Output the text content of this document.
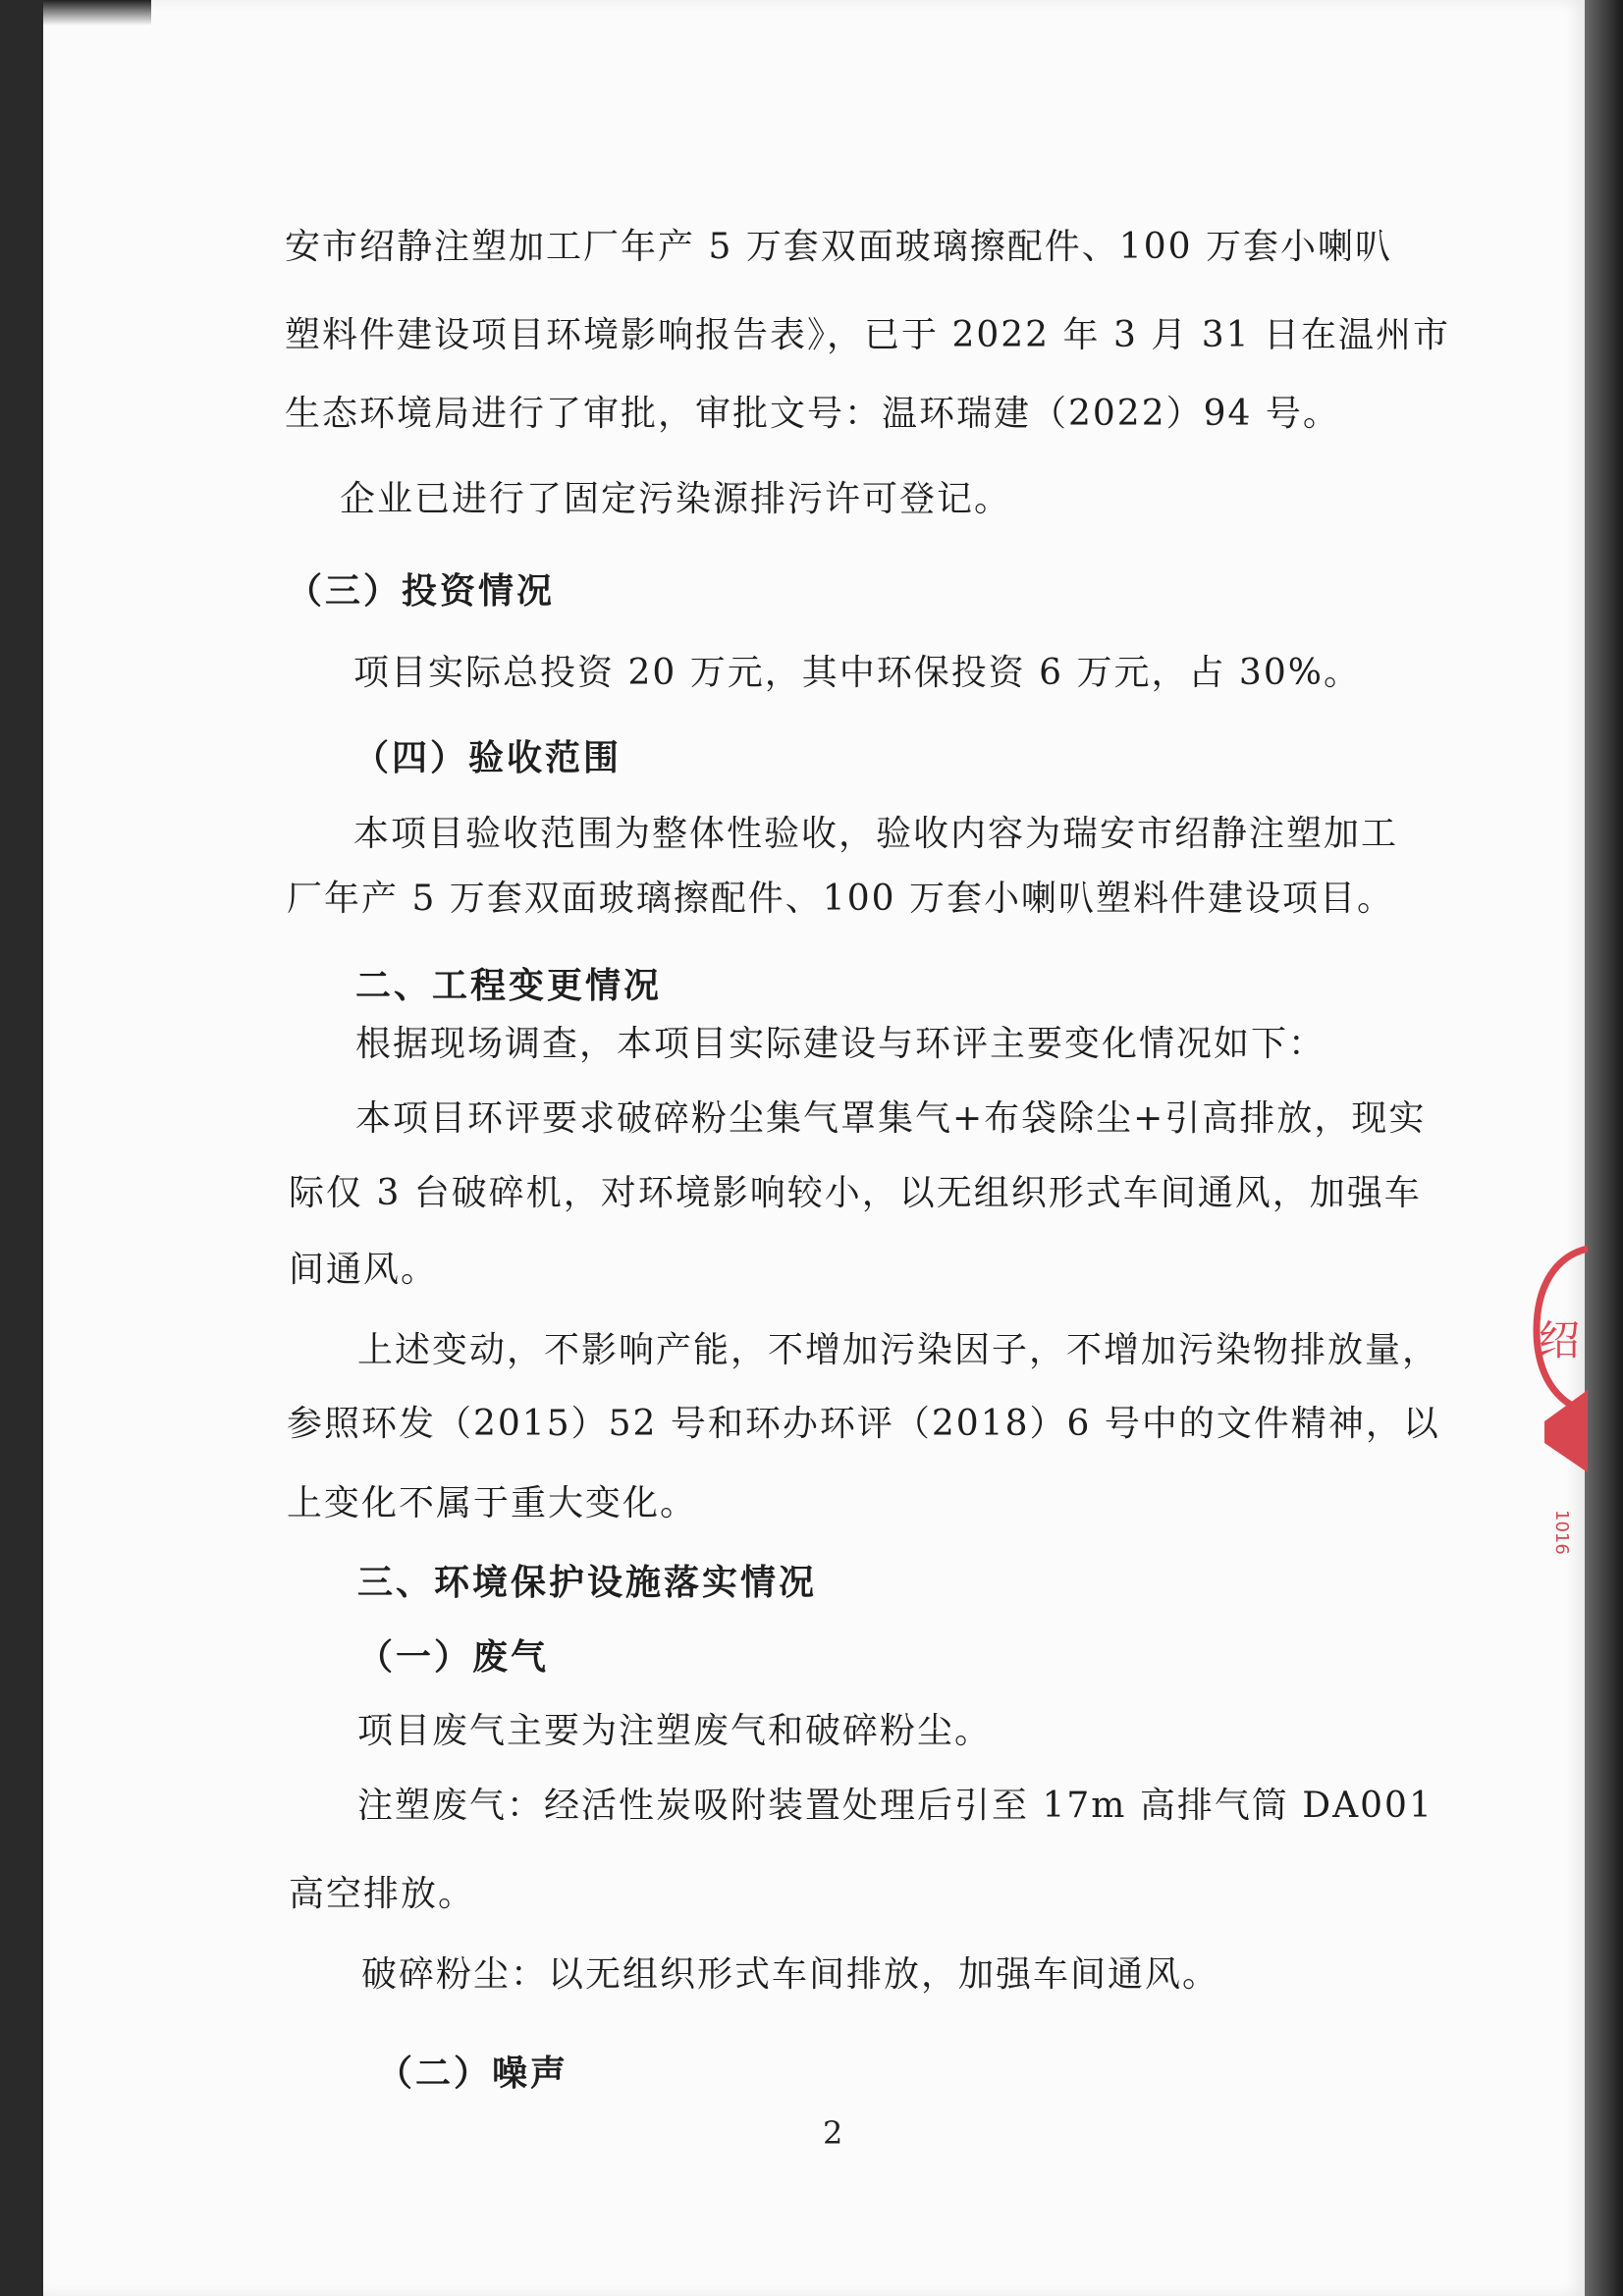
安市绍静注塑加工厂年产 5 万套双面玻璃擦配件、100 万套小喇叭
塑料件建设项目环境影响报告表》，已于 2022 年 3 月 31 日在温州市
生态环境局进行了审批，审批文号：温环瑞建（2022）94 号。
企业已进行了固定污染源排污许可登记。
（三）投资情况
项目实际总投资 20 万元，其中环保投资 6 万元，占 30%。
（四）验收范围
本项目验收范围为整体性验收，验收内容为瑞安市绍静注塑加工
厂年产 5 万套双面玻璃擦配件、100 万套小喇叭塑料件建设项目。
二、工程变更情况
根据现场调查，本项目实际建设与环评主要变化情况如下：
本项目环评要求破碎粉尘集气罩集气+布袋除尘+引高排放，现实
际仅 3 台破碎机，对环境影响较小，以无组织形式车间通风，加强车
间通风。
上述变动，不影响产能，不增加污染因子，不增加污染物排放量，
参照环发（2015）52 号和环办环评（2018）6 号中的文件精神，以
上变化不属于重大变化。
三、环境保护设施落实情况
（一）废气
项目废气主要为注塑废气和破碎粉尘。
注塑废气：经活性炭吸附装置处理后引至 17m 高排气筒 DA001
高空排放。
破碎粉尘：以无组织形式车间排放，加强车间通风。
（二）噪声
2
绍
1016
